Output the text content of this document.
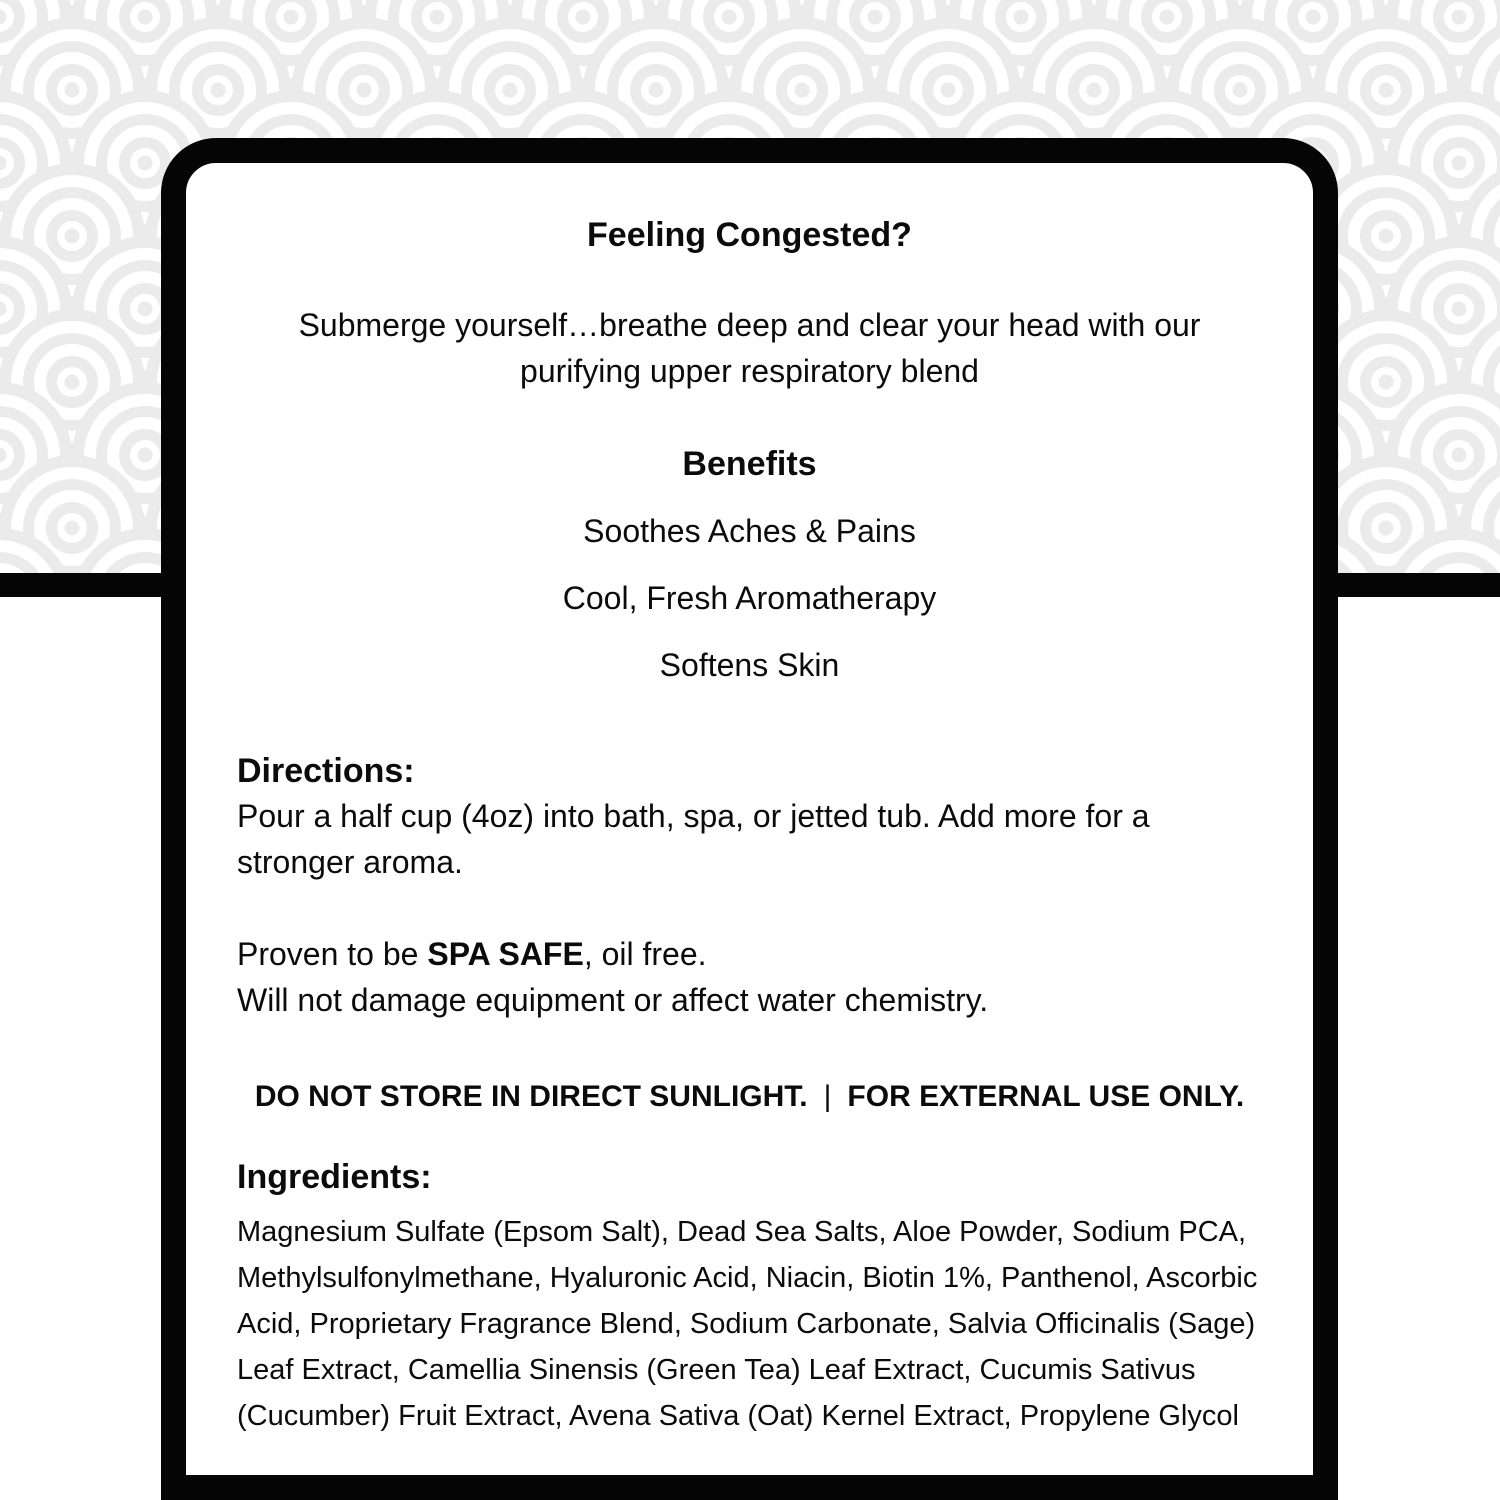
Feeling Congested?

Submerge yourself…breathe deep and clear your head with our
purifying upper respiratory blend

Benefits

Soothes Aches & Pains

Cool, Fresh Aromatherapy

Softens Skin

Directions:

Pour a half cup (4oz) into bath, spa, or jetted tub. Add more for a
stronger aroma.

Proven to be SPA SAFE, oil free.
Will not damage equipment or affect water chemistry.

DO NOT STORE IN DIRECT SUNLIGHT. | FOR EXTERNAL USE ONLY.

Ingredients:

Magnesium Sulfate (Epsom Salt), Dead Sea Salts, Aloe Powder, Sodium PCA,
Methylsulfonylmethane, Hyaluronic Acid, Niacin, Biotin 1%, Panthenol, Ascorbic
Acid, Proprietary Fragrance Blend, Sodium Carbonate, Salvia Officinalis (Sage)
Leaf Extract, Camellia Sinensis (Green Tea) Leaf Extract, Cucumis Sativus
(Cucumber) Fruit Extract, Avena Sativa (Oat) Kernel Extract, Propylene Glycol
